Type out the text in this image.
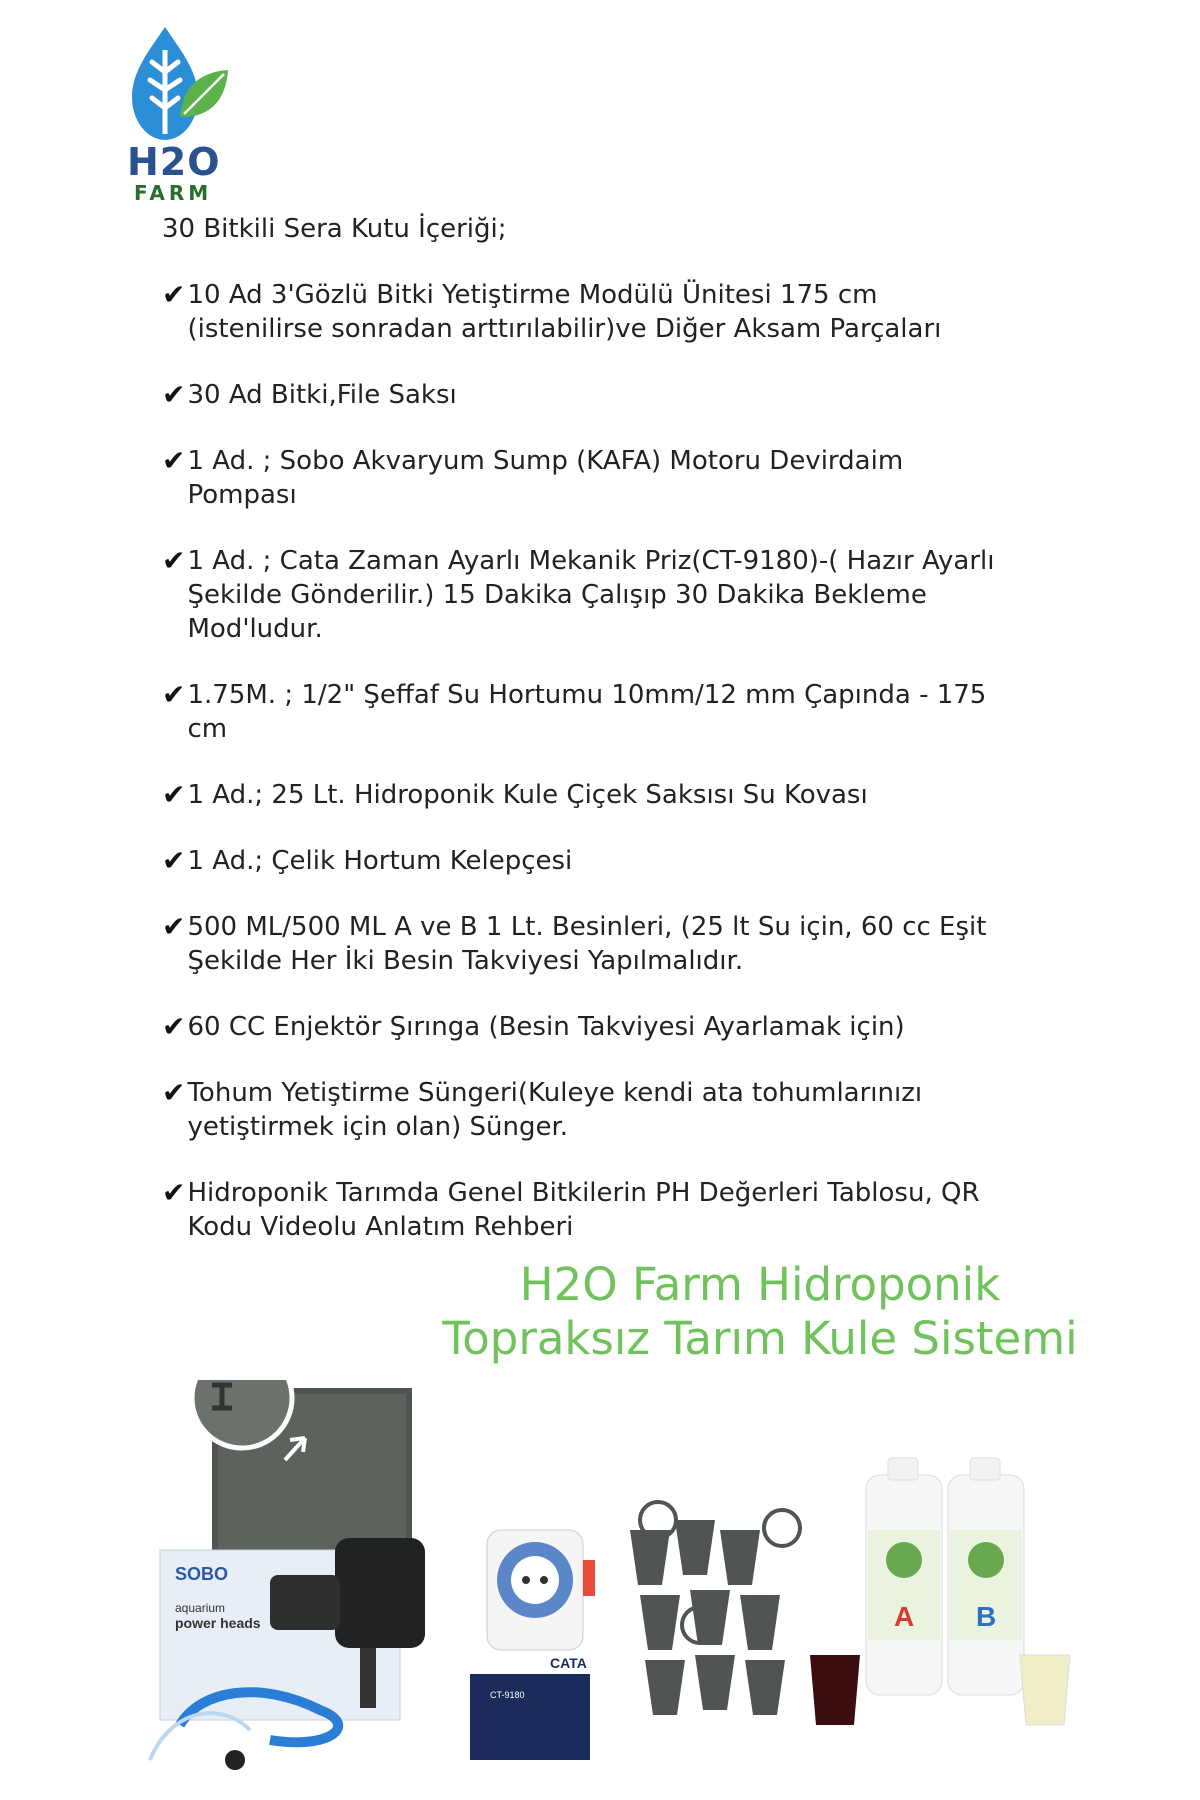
H2O
FARM
30 Bitkili Sera Kutu İçeriği;
✔ 10 Ad 3'Gözlü Bitki Yetiştirme Modülü Ünitesi 175 cm (istenilirse sonradan arttırılabilir)ve Diğer Aksam Parçaları
✔ 30 Ad Bitki,File Saksı
✔ 1 Ad. ; Sobo Akvaryum Sump (KAFA) Motoru Devirdaim Pompası
✔ 1 Ad. ; Cata Zaman Ayarlı Mekanik Priz(CT-9180)-( Hazır Ayarlı Şekilde Gönderilir.) 15 Dakika Çalışıp 30 Dakika Bekleme Mod'ludur.
✔ 1.75M. ; 1/2" Şeffaf Su Hortumu 10mm/12 mm Çapında - 175 cm
✔ 1 Ad.; 25 Lt. Hidroponik Kule Çiçek Saksısı Su Kovası
✔ 1 Ad.; Çelik Hortum Kelepçesi
✔ 500 ML/500 ML A ve B 1 Lt. Besinleri, (25 lt Su için, 60 cc Eşit Şekilde Her İki Besin Takviyesi Yapılmalıdır.
✔ 60 CC Enjektör Şırınga (Besin Takviyesi Ayarlamak için)
✔ Tohum Yetiştirme Süngeri(Kuleye kendi ata tohumlarınızı yetiştirmek için olan) Sünger.
✔ Hidroponik Tarımda Genel Bitkilerin PH Değerleri Tablosu, QR Kodu Videolu Anlatım Rehberi
H2O Farm Hidroponik
Topraksız Tarım Kule Sistemi
SOBO
aquarium
power heads
CATA
CT-9180
A B
